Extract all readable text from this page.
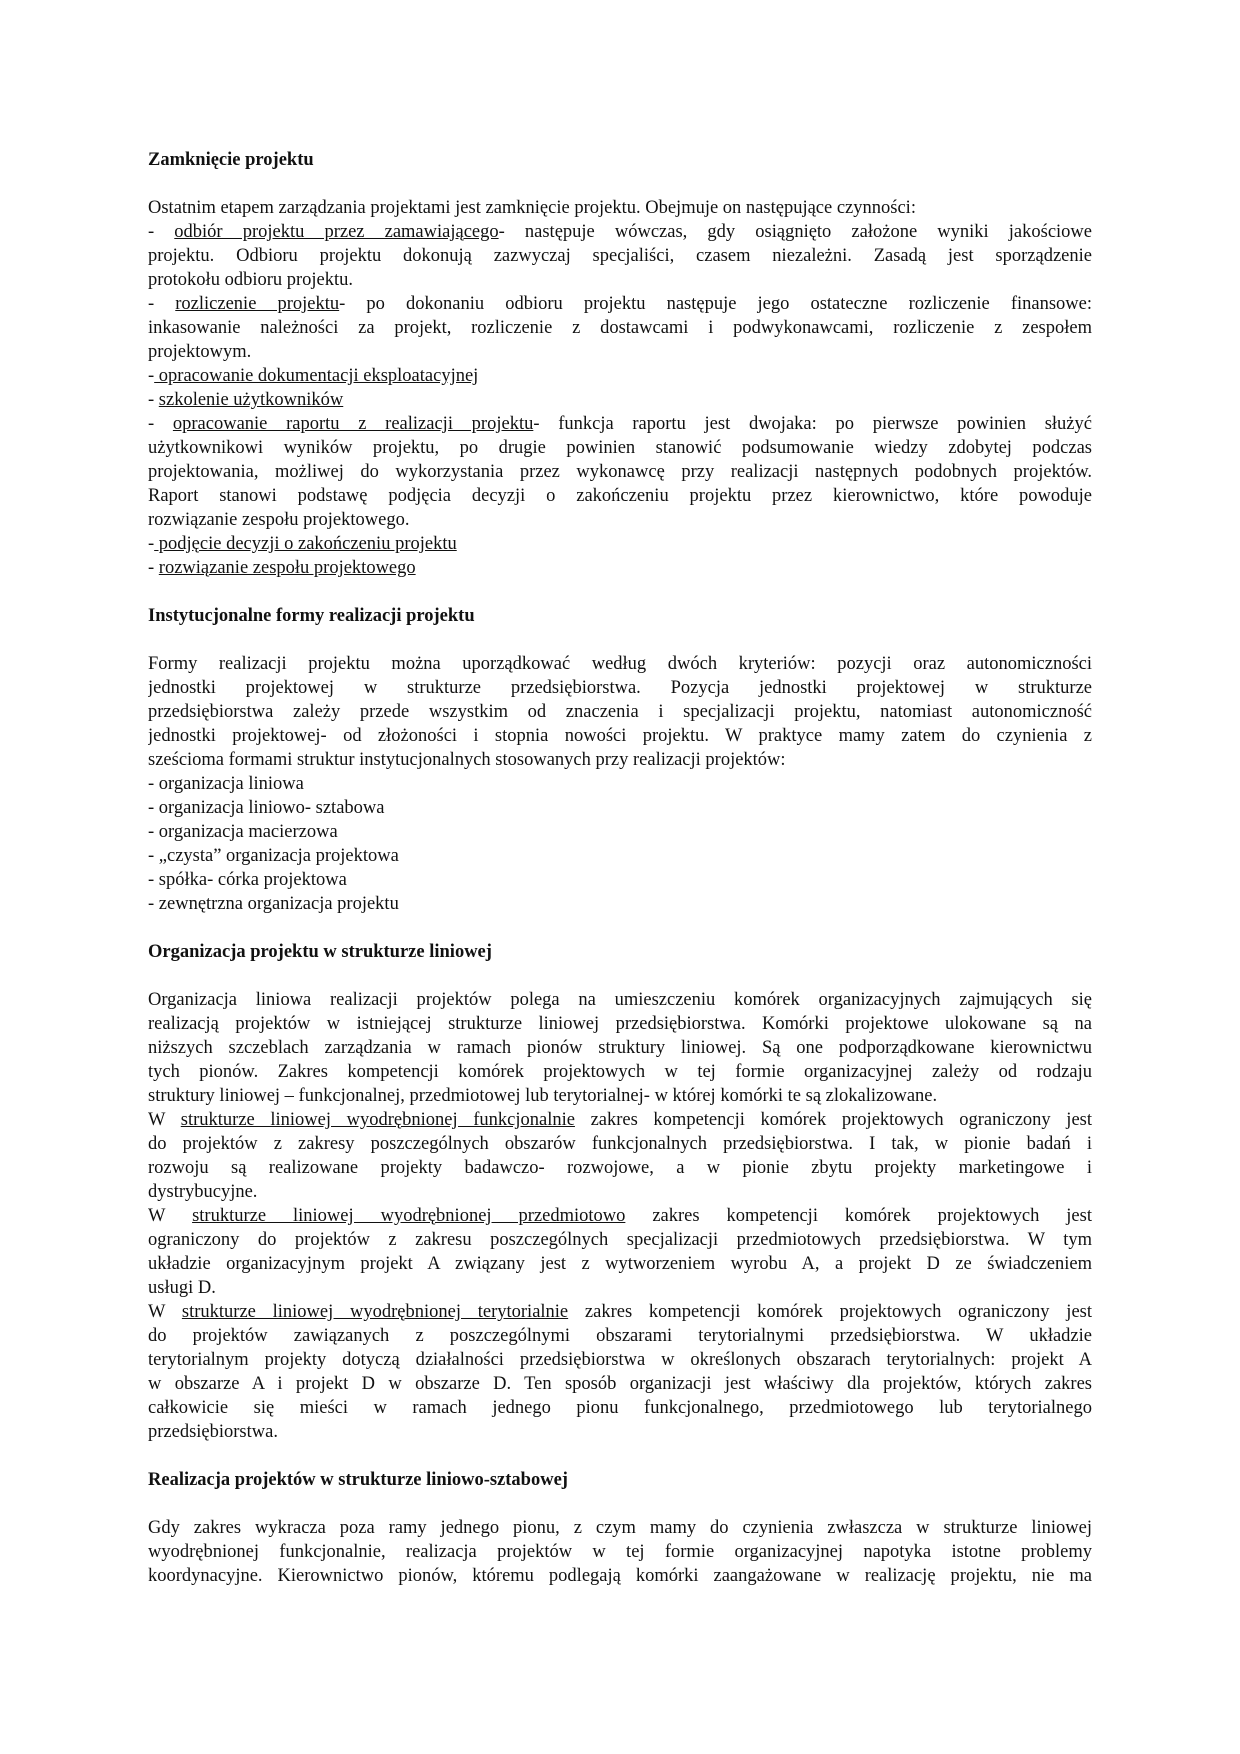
Zamknięcie projektu
Ostatnim etapem zarządzania projektami jest zamknięcie projektu. Obejmuje on następujące czynności:
- odbiór projektu przez zamawiającego- następuje wówczas, gdy osiągnięto założone wyniki jakościowe
projektu. Odbioru projektu dokonują zazwyczaj specjaliści, czasem niezależni. Zasadą jest sporządzenie
protokołu odbioru projektu.
- rozliczenie projektu- po dokonaniu odbioru projektu następuje jego ostateczne rozliczenie finansowe:
inkasowanie należności za projekt, rozliczenie z dostawcami i podwykonawcami, rozliczenie z zespołem
projektowym.
- opracowanie dokumentacji eksploatacyjnej
- szkolenie użytkowników
- opracowanie raportu z realizacji projektu- funkcja raportu jest dwojaka: po pierwsze powinien służyć
użytkownikowi wyników projektu, po drugie powinien stanowić podsumowanie wiedzy zdobytej podczas
projektowania, możliwej do wykorzystania przez wykonawcę przy realizacji następnych podobnych projektów.
Raport stanowi podstawę podjęcia decyzji o zakończeniu projektu przez kierownictwo, które powoduje
rozwiązanie zespołu projektowego.
- podjęcie decyzji o zakończeniu projektu
- rozwiązanie zespołu projektowego
Instytucjonalne formy realizacji projektu
Formy realizacji projektu można uporządkować według dwóch kryteriów: pozycji oraz autonomiczności
jednostki projektowej w strukturze przedsiębiorstwa. Pozycja jednostki projektowej w strukturze
przedsiębiorstwa zależy przede wszystkim od znaczenia i specjalizacji projektu, natomiast autonomiczność
jednostki projektowej- od złożoności i stopnia nowości projektu. W praktyce mamy zatem do czynienia z
sześcioma formami struktur instytucjonalnych stosowanych przy realizacji projektów:
- organizacja liniowa
- organizacja liniowo- sztabowa
- organizacja macierzowa
- „czysta” organizacja projektowa
- spółka- córka projektowa
- zewnętrzna organizacja projektu
Organizacja projektu w strukturze liniowej
Organizacja liniowa realizacji projektów polega na umieszczeniu komórek organizacyjnych zajmujących się
realizacją projektów w istniejącej strukturze liniowej przedsiębiorstwa. Komórki projektowe ulokowane są na
niższych szczeblach zarządzania w ramach pionów struktury liniowej. Są one podporządkowane kierownictwu
tych pionów. Zakres kompetencji komórek projektowych w tej formie organizacyjnej zależy od rodzaju
struktury liniowej – funkcjonalnej, przedmiotowej lub terytorialnej- w której komórki te są zlokalizowane.
W strukturze liniowej wyodrębnionej funkcjonalnie zakres kompetencji komórek projektowych ograniczony jest
do projektów z zakresy poszczególnych obszarów funkcjonalnych przedsiębiorstwa. I tak, w pionie badań i
rozwoju są realizowane projekty badawczo- rozwojowe, a w pionie zbytu projekty marketingowe i
dystrybucyjne.
W strukturze liniowej wyodrębnionej przedmiotowo zakres kompetencji komórek projektowych jest
ograniczony do projektów z zakresu poszczególnych specjalizacji przedmiotowych przedsiębiorstwa. W tym
układzie organizacyjnym projekt A związany jest z wytworzeniem wyrobu A, a projekt D ze świadczeniem
usługi D.
W strukturze liniowej wyodrębnionej terytorialnie zakres kompetencji komórek projektowych ograniczony jest
do projektów zawiązanych z poszczególnymi obszarami terytorialnymi przedsiębiorstwa. W układzie
terytorialnym projekty dotyczą działalności przedsiębiorstwa w określonych obszarach terytorialnych: projekt A
w obszarze A i projekt D w obszarze D. Ten sposób organizacji jest właściwy dla projektów, których zakres
całkowicie się mieści w ramach jednego pionu funkcjonalnego, przedmiotowego lub terytorialnego
przedsiębiorstwa.
Realizacja projektów w strukturze liniowo-sztabowej
Gdy zakres wykracza poza ramy jednego pionu, z czym mamy do czynienia zwłaszcza w strukturze liniowej
wyodrębnionej funkcjonalnie, realizacja projektów w tej formie organizacyjnej napotyka istotne problemy
koordynacyjne. Kierownictwo pionów, któremu podlegają komórki zaangażowane w realizację projektu, nie ma
